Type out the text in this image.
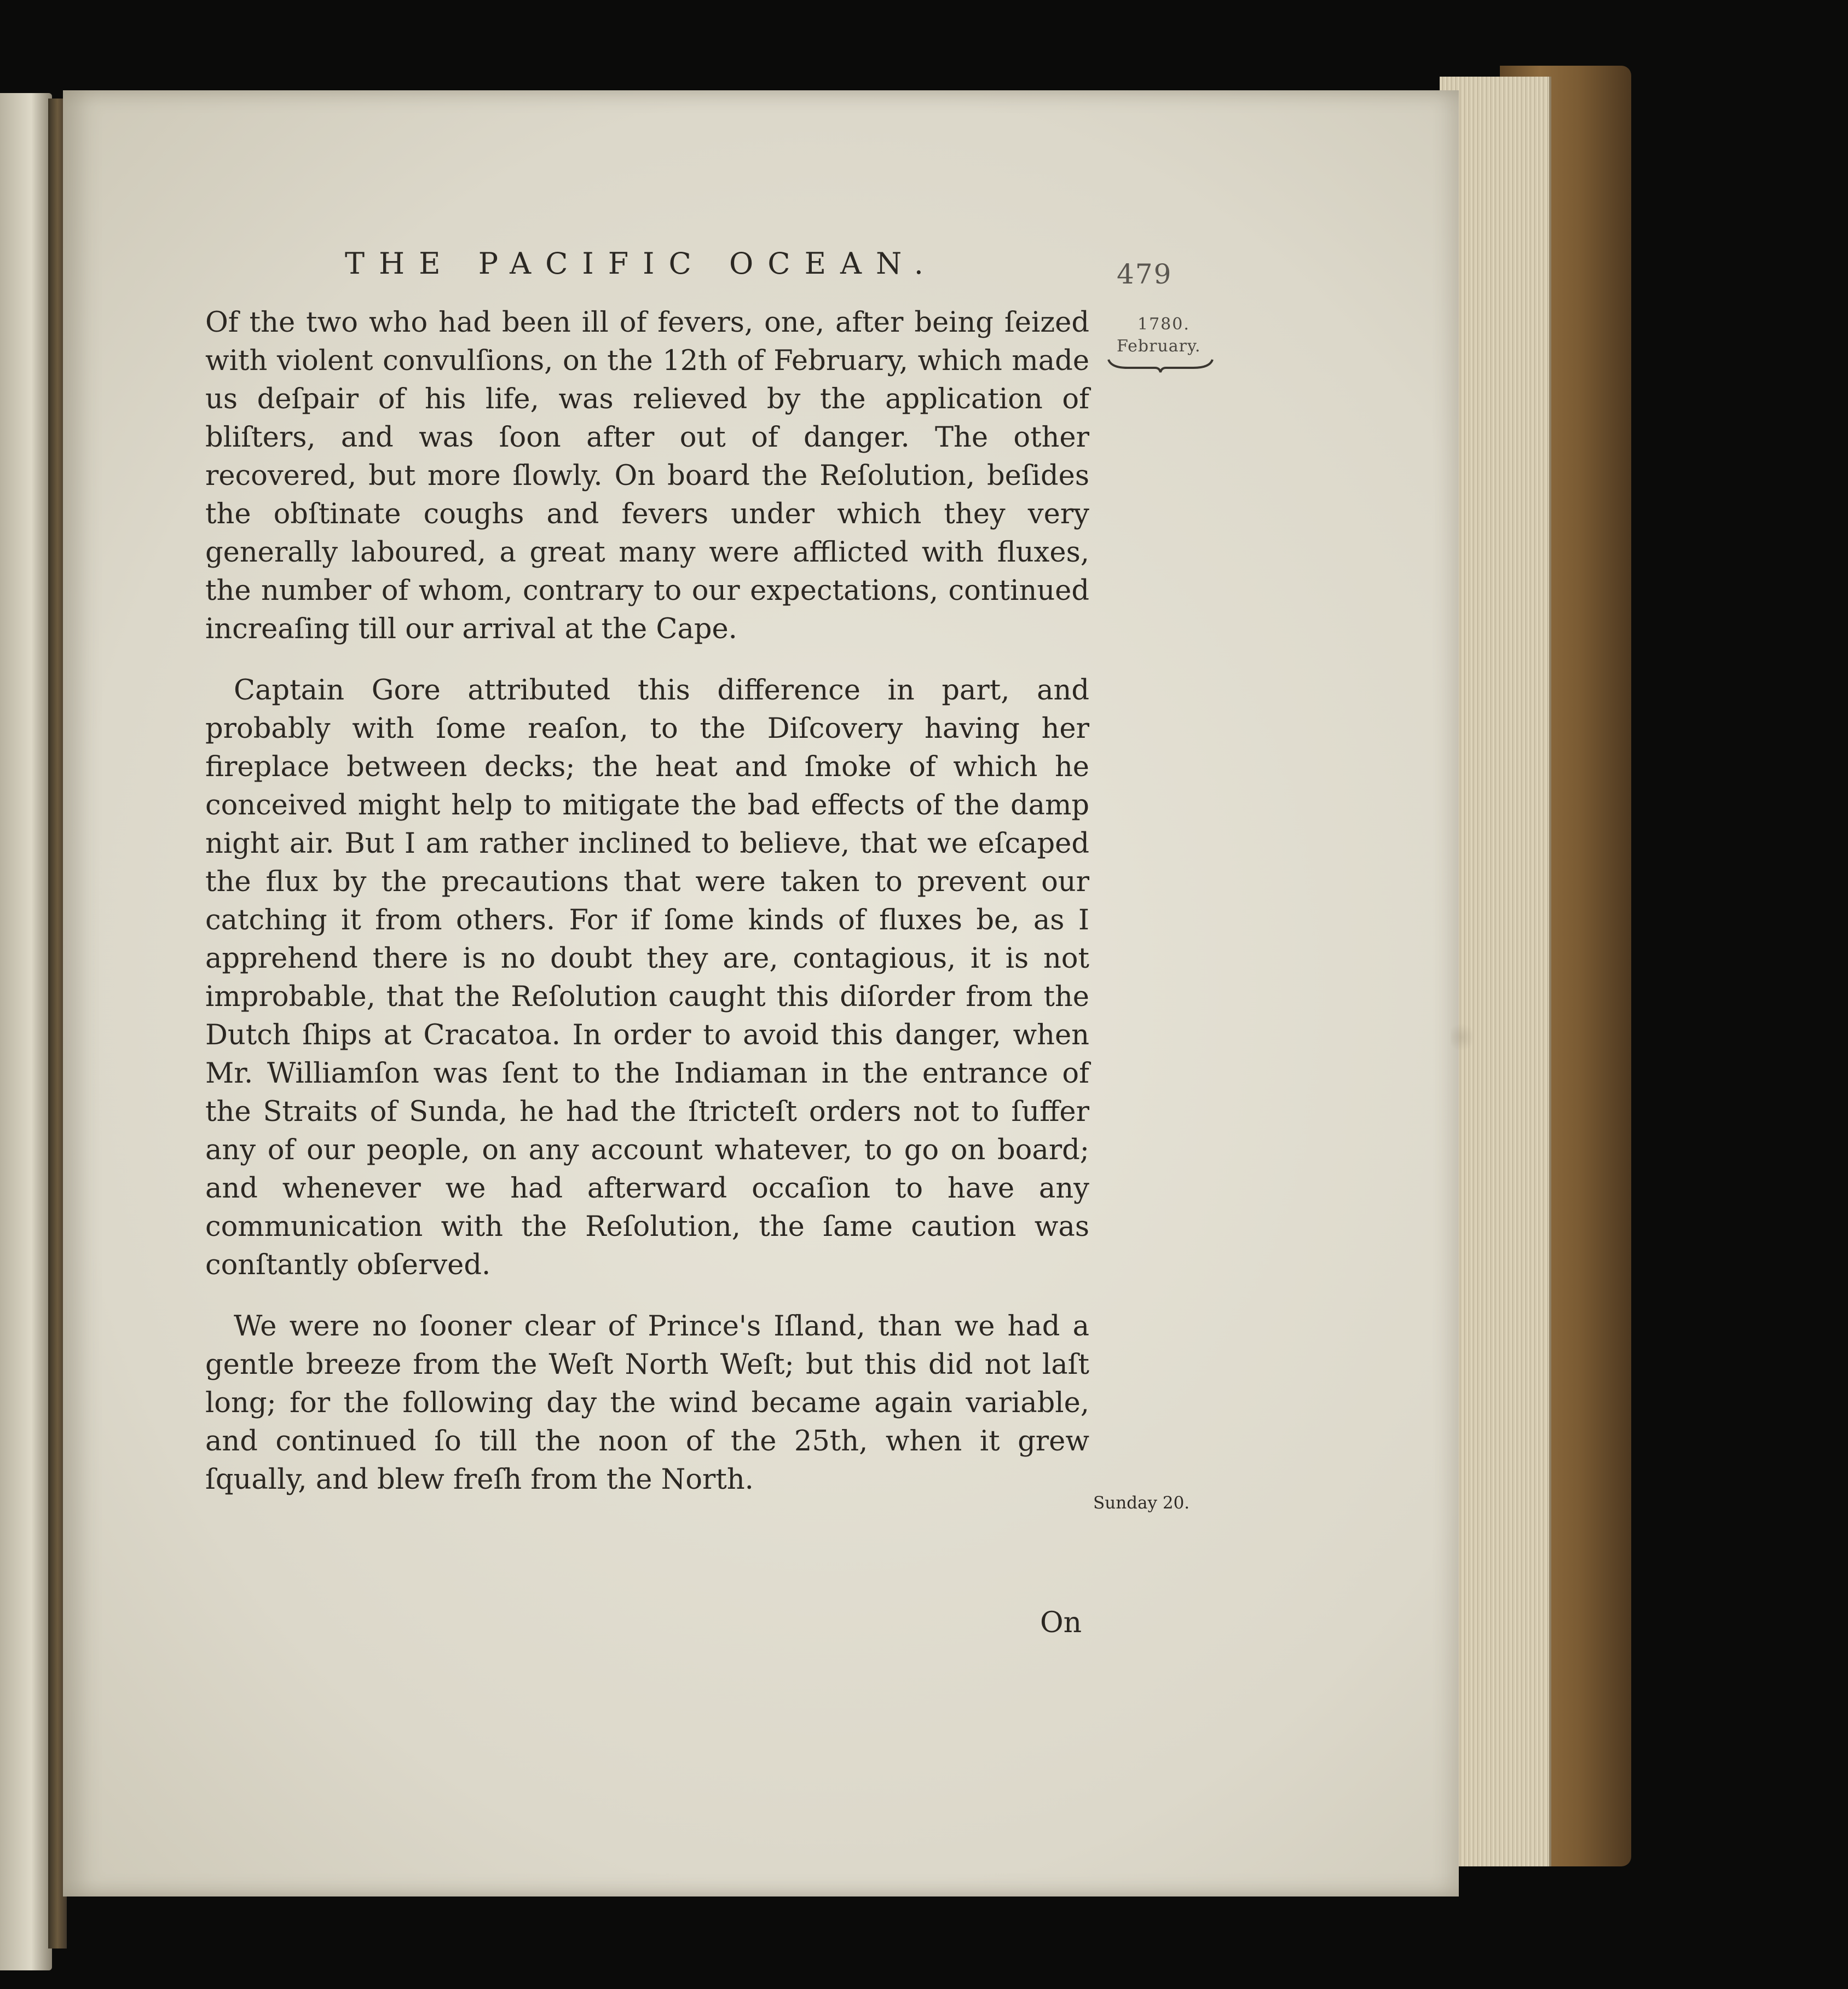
THE PACIFIC OCEAN.	479
1780.
February.

Of the two who had been ill of fevers, one, after being ſeized with violent convulſions, on the 12th of February, which made us deſpair of his life, was relieved by the application of bliſters, and was ſoon after out of danger. The other recovered, but more ſlowly. On board the Reſolution, beſides the obſtinate coughs and fevers under which they very generally laboured, a great many were afflicted with fluxes, the number of whom, contrary to our expectations, continued increaſing till our arrival at the Cape.

Captain Gore attributed this difference in part, and probably with ſome reaſon, to the Diſcovery having her fireplace between decks; the heat and ſmoke of which he conceived might help to mitigate the bad effects of the damp night air. But I am rather inclined to believe, that we eſcaped the flux by the precautions that were taken to prevent our catching it from others. For if ſome kinds of fluxes be, as I apprehend there is no doubt they are, contagious, it is not improbable, that the Reſolution caught this diſorder from the Dutch ſhips at Cracatoa. In order to avoid this danger, when Mr. Williamſon was ſent to the Indiaman in the entrance of the Straits of Sunda, he had the ſtricteſt orders not to ſuffer any of our people, on any account whatever, to go on board; and whenever we had afterward occaſion to have any communication with the Reſolution, the ſame caution was conſtantly obſerved.

We were no ſooner clear of Prince's Iſland, than we had a gentle breeze from the Weſt North Weſt; but this did not laſt long; for the following day the wind became again variable, and continued ſo till the noon of the 25th, when it grew ſqually, and blew freſh from the North.

Sunday 20.
On
